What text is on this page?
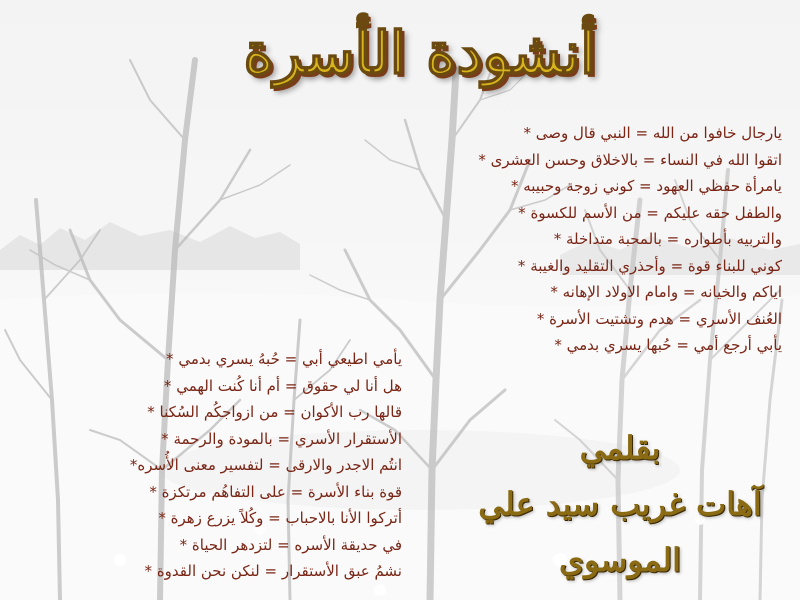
أنشودة الأسرة
يارجال خافوا من الله = النبي قال وصى *
اتقوا الله في النساء = بالاخلاق وحسن العشرى *
يامرأة حفظي العهود = كوني زوجة وحبيبه *
والطفل حقه عليكم = من الأسم للكسوة *
والتربيه بأطواره = بالمحبة متداخلة *
كوني للبناء قوة = وأحذري التقليد والغيبة *
اياكم والخيانه = وامام الاولاد الإهانه *
العُنف الأسري = هدم وتشتيت الأسرة *
يأبي أرجع أمي = حُبها يسري بدمي *
يأمي اطيعي أبي = حُبهُ يسري بدمي *
هل أنا لي حقوق = أم أنا كُنت الهمي *
قالها رب الأكوان = من ازواجكُم السُكنا *
الأستقرار الأسري = بالمودة والرحمة *
انتُم الاجدر والارقى = لتفسير معنى الأُسره*
قوة بناء الأسرة = على التفاهُم مرتكزة *
أتركوا الأنا بالاحباب = وكُلاً يزرع زهرة *
في حديقة الأسره = لتزدهر الحياة *
نشمُ عبق الأستقرار = لنكن نحن القدوة *
بقلمي
آهات غريب سيد علي
الموسوي
